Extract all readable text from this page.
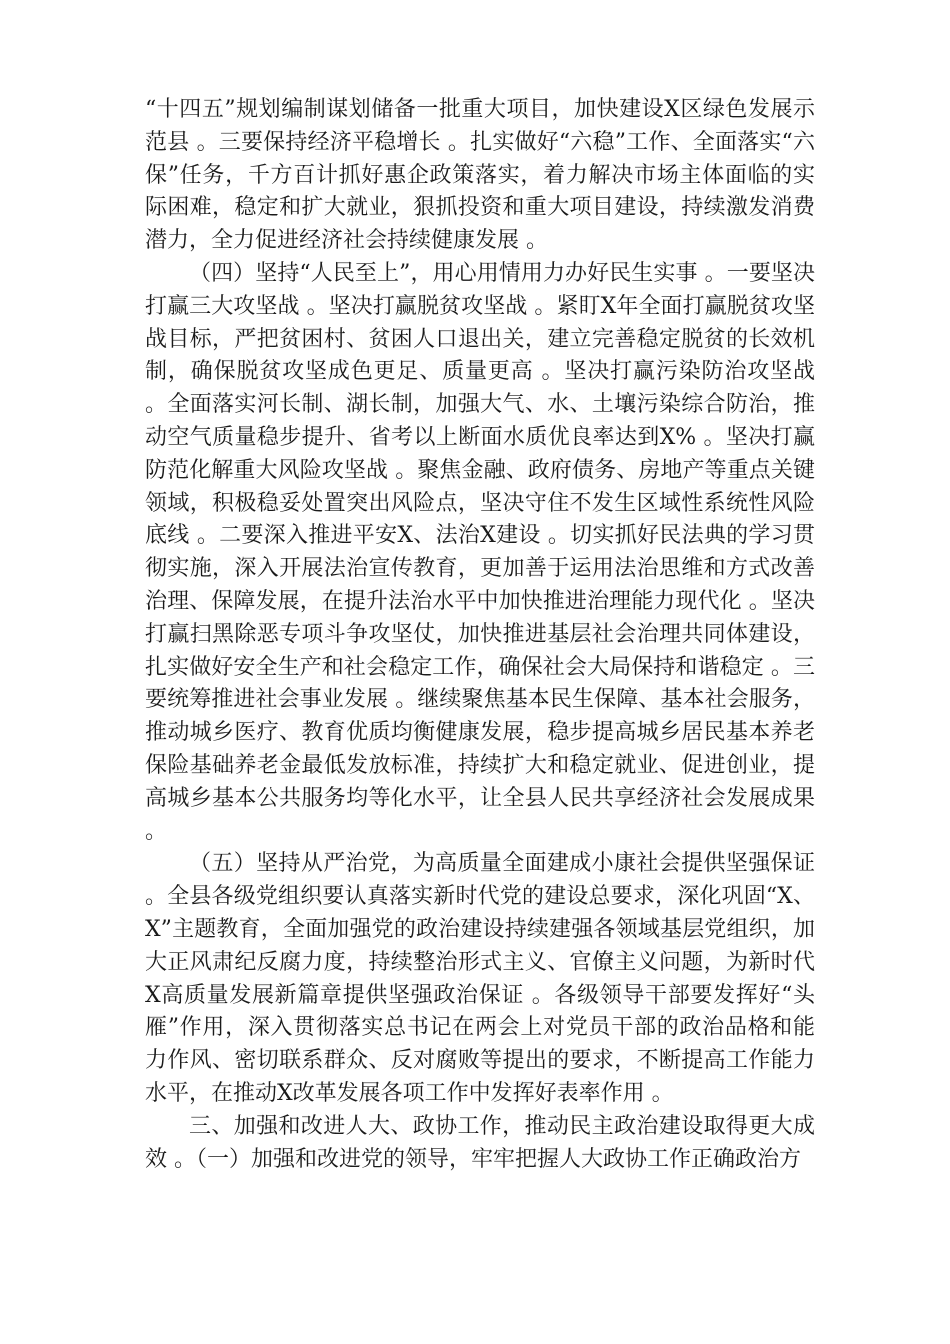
“十四五”规划编制谋划储备一批重大项目，加快建设X区绿色发展示范县 。三要保持经济平稳增长 。扎实做好“六稳”工作、全面落实“六保”任务，千方百计抓好惠企政策落实，着力解决市场主体面临的实际困难，稳定和扩大就业，狠抓投资和重大项目建设，持续激发消费潜力，全力促进经济社会持续健康发展 。

（四）坚持“人民至上”，用心用情用力办好民生实事 。一要坚决打赢三大攻坚战 。坚决打赢脱贫攻坚战 。紧盯X年全面打赢脱贫攻坚战目标，严把贫困村、贫困人口退出关，建立完善稳定脱贫的长效机制，确保脱贫攻坚成色更足、质量更高 。坚决打赢污染防治攻坚战 。全面落实河长制、湖长制，加强大气、水、土壤污染综合防治，推动空气质量稳步提升、省考以上断面水质优良率达到X% 。坚决打赢防范化解重大风险攻坚战 。聚焦金融、政府债务、房地产等重点关键领域，积极稳妥处置突出风险点，坚决守住不发生区域性系统性风险底线 。二要深入推进平安X、法治X建设 。切实抓好民法典的学习贯彻实施，深入开展法治宣传教育，更加善于运用法治思维和方式改善治理、保障发展，在提升法治水平中加快推进治理能力现代化 。坚决打赢扫黑除恶专项斗争攻坚仗，加快推进基层社会治理共同体建设，扎实做好安全生产和社会稳定工作，确保社会大局保持和谐稳定 。三要统筹推进社会事业发展 。继续聚焦基本民生保障、基本社会服务，推动城乡医疗、教育优质均衡健康发展，稳步提高城乡居民基本养老保险基础养老金最低发放标准，持续扩大和稳定就业、促进创业，提高城乡基本公共服务均等化水平，让全县人民共享经济社会发展成果 。

（五）坚持从严治党，为高质量全面建成小康社会提供坚强保证 。全县各级党组织要认真落实新时代党的建设总要求，深化巩固“X、X”主题教育，全面加强党的政治建设持续建强各领域基层党组织，加大正风肃纪反腐力度，持续整治形式主义、官僚主义问题，为新时代X高质量发展新篇章提供坚强政治保证 。各级领导干部要发挥好“头雁”作用，深入贯彻落实总书记在两会上对党员干部的政治品格和能力作风、密切联系群众、反对腐败等提出的要求，不断提高工作能力水平，在推动X改革发展各项工作中发挥好表率作用 。

三、加强和改进人大、政协工作，推动民主政治建设取得更大成效 。（一）加强和改进党的领导，牢牢把握人大政协工作正确政治方
